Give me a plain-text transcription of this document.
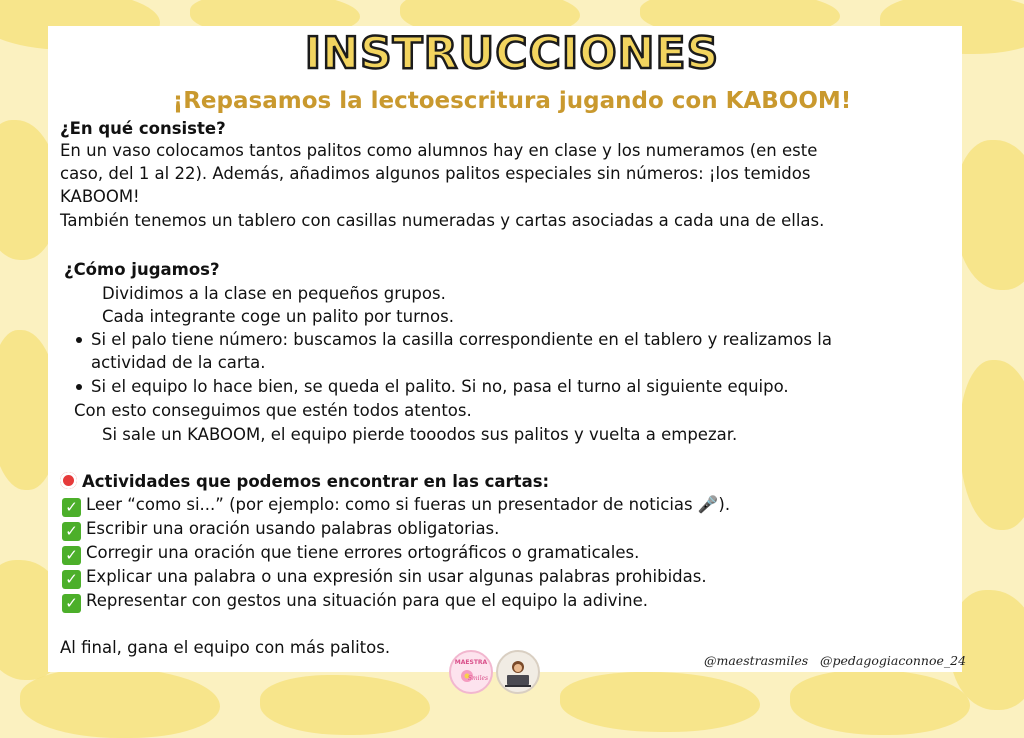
INSTRUCCIONES
¡Repasamos la lectoescritura jugando con KABOOM!
¿En qué consiste?
En un vaso colocamos tantos palitos como alumnos hay en clase y los numeramos (en este
caso, del 1 al 22). Además, añadimos algunos palitos especiales sin números: ¡los temidos
KABOOM!
También tenemos un tablero con casillas numeradas y cartas asociadas a cada una de ellas.
¿Cómo jugamos?
Dividimos a la clase en pequeños grupos.
Cada integrante coge un palito por turnos.
Si el palo tiene número: buscamos la casilla correspondiente en el tablero y realizamos la
actividad de la carta.
Si el equipo lo hace bien, se queda el palito. Si no, pasa el turno al siguiente equipo.
Con esto conseguimos que estén todos atentos.
Si sale un KABOOM, el equipo pierde tooodos sus palitos y vuelta a empezar.
Actividades que podemos encontrar en las cartas:
✓ Leer “como si...” (por ejemplo: como si fueras un presentador de noticias 🎤).
✓ Escribir una oración usando palabras obligatorias.
✓ Corregir una oración que tiene errores ortográficos o gramaticales.
✓ Explicar una palabra o una expresión sin usar algunas palabras prohibidas.
✓ Representar con gestos una situación para que el equipo la adivine.
Al final, gana el equipo con más palitos.
MAESTRA
Smiles
@maestrasmiles @pedagogiaconnoe_24
